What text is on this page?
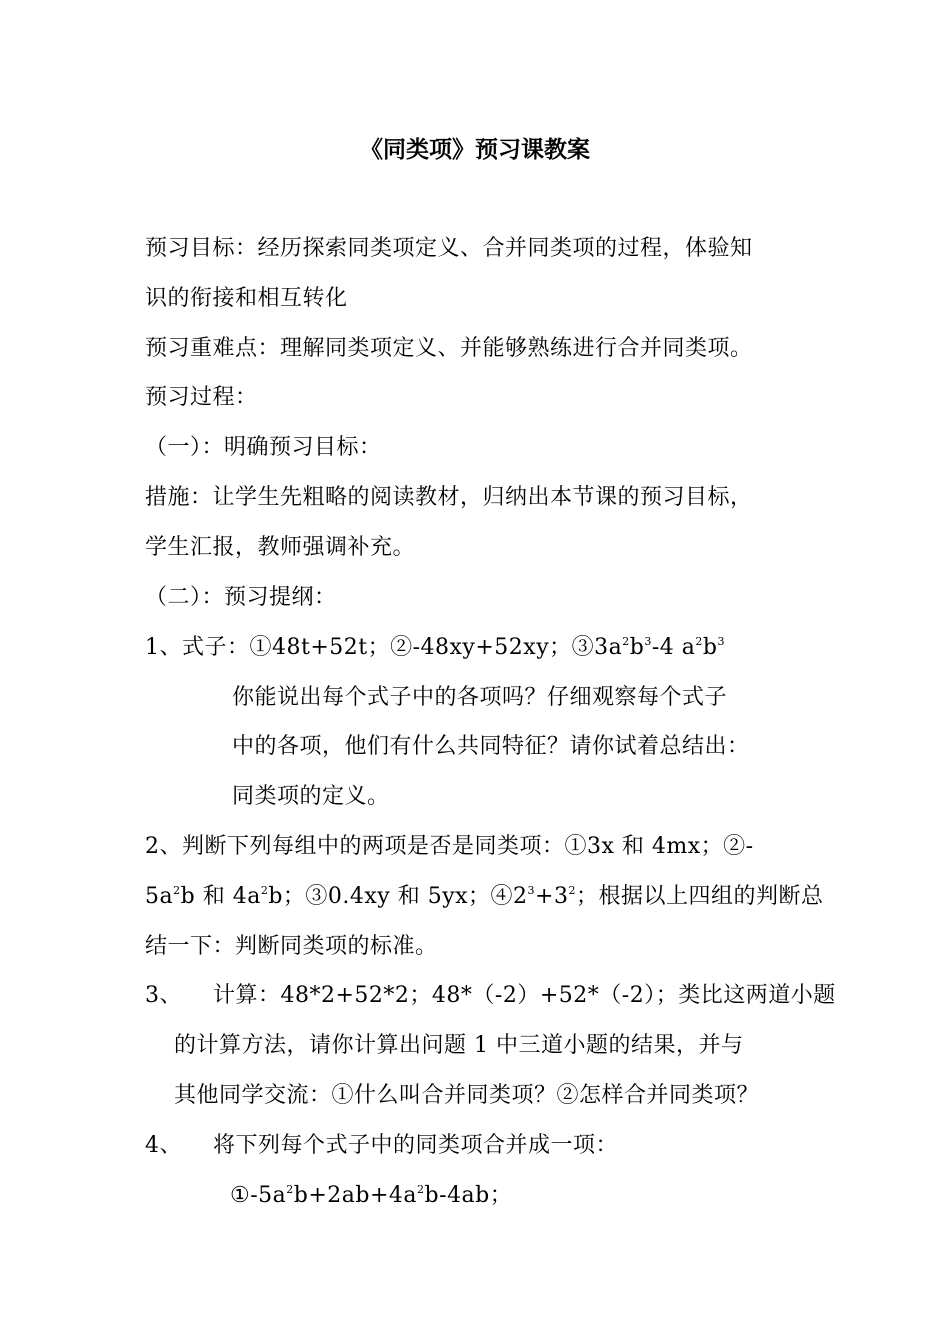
《同类项》预习课教案
预习目标：经历探索同类项定义、合并同类项的过程，体验知
识的衔接和相互转化
预习重难点：理解同类项定义、并能够熟练进行合并同类项。
预习过程：
（一）：明确预习目标：
措施：让学生先粗略的阅读教材，归纳出本节课的预习目标，
学生汇报，教师强调补充。
（二）：预习提纲：
1、式子：①48t+52t；②-48xy+52xy；$③3a^2b^3-4$ $a^2b^3$
你能说出每个式子中的各项吗？仔细观察每个式子
中的各项，他们有什么共同特征？请你试着总结出：
同类项的定义。
2、判断下列每组中的两项是否是同类项：①3x 和 4mx；②-
$5a^2b$ 和 $4a^2b$；③0.4xy 和 5yx；$④2^3+3^2$；根据以上四组的判断总
结一下：判断同类项的标准。
3、 计算：48*2+52*2；48*（-2）+52*（-2）；类比这两道小题
的计算方法，请你计算出问题 1 中三道小题的结果，并与
其他同学交流：①什么叫合并同类项？②怎样合并同类项？
4、 将下列每个式子中的同类项合并成一项：
$①-5a^2b+2ab+4a^2b-4ab$；
